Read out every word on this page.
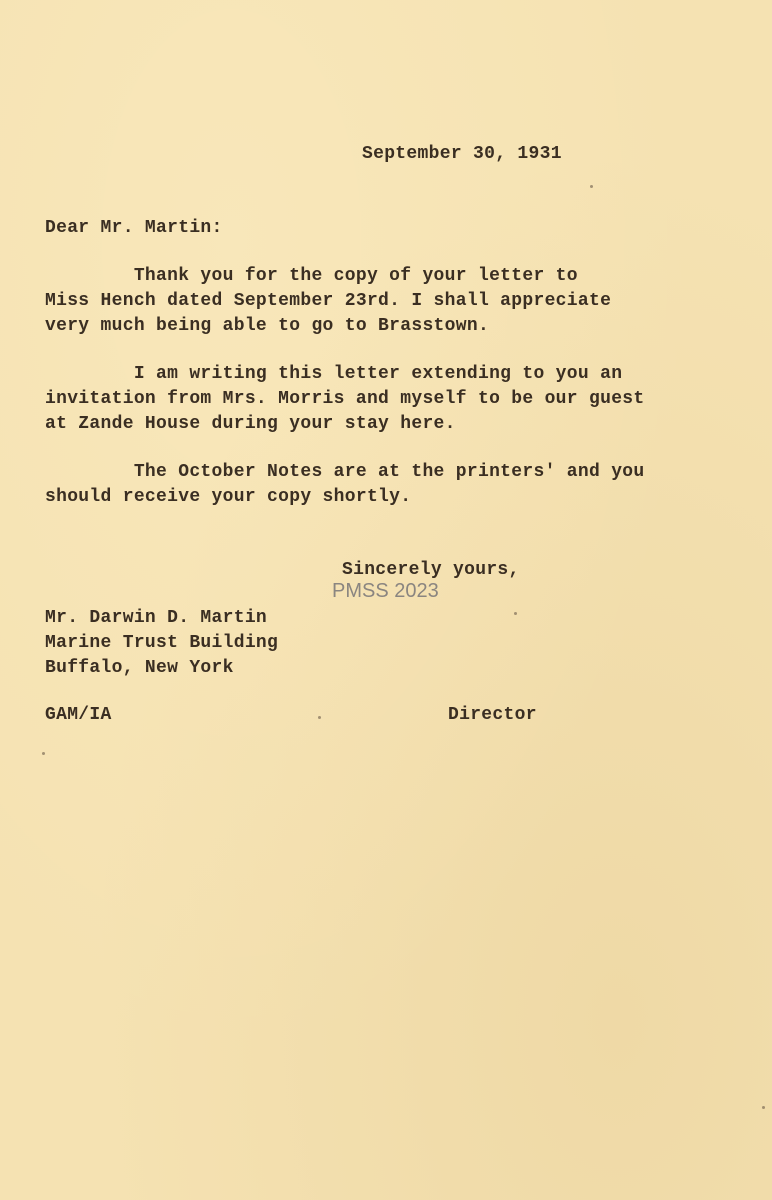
September 30, 1931
Dear Mr. Martin:
Thank you for the copy of your letter to
Miss Hench dated September 23rd. I shall appreciate
very much being able to go to Brasstown.
I am writing this letter extending to you an
invitation from Mrs. Morris and myself to be our guest
at Zande House during your stay here.
The October Notes are at the printers' and you
should receive your copy shortly.
Sincerely yours,
PMSS 2023
Mr. Darwin D. Martin
Marine Trust Building
Buffalo, New York
GAM/IA	Director
